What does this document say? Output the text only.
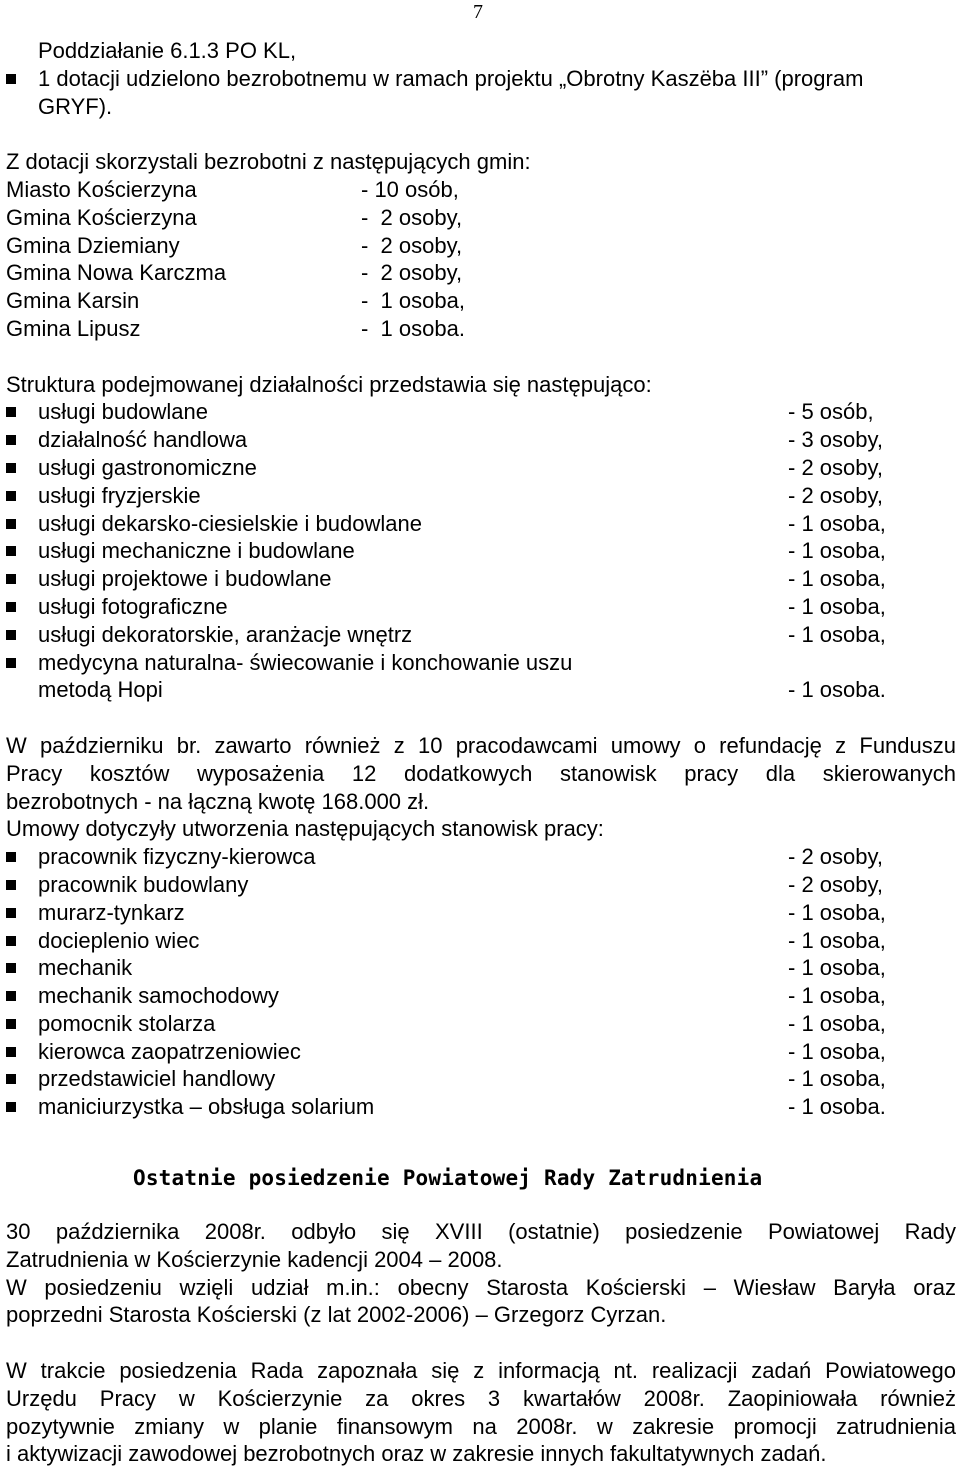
7
Poddziałanie 6.1.3 PO KL,
1 dotacji udzielono bezrobotnemu w ramach projektu „Obrotny Kaszëba III” (program
GRYF).
Z dotacji skorzystali bezrobotni z następujących gmin:
Miasto Kościerzyna	- 10 osób,
Gmina Kościerzyna	-  2 osoby,
Gmina Dziemiany	-  2 osoby,
Gmina Nowa Karczma	-  2 osoby,
Gmina Karsin	-  1 osoba,
Gmina Lipusz	-  1 osoba.
Struktura podejmowanej działalności przedstawia się następująco:
usługi budowlane	- 5 osób,
działalność handlowa	- 3 osoby,
usługi gastronomiczne	- 2 osoby,
usługi fryzjerskie	- 2 osoby,
usługi dekarsko-ciesielskie i budowlane	- 1 osoba,
usługi mechaniczne i budowlane	- 1 osoba,
usługi projektowe i budowlane	- 1 osoba,
usługi fotograficzne	- 1 osoba,
usługi dekoratorskie, aranżacje wnętrz	- 1 osoba,
medycyna naturalna- świecowanie i konchowanie uszu
metodą Hopi	- 1 osoba.
W październiku br. zawarto również z 10 pracodawcami umowy o refundację z Funduszu
Pracy kosztów wyposażenia 12 dodatkowych stanowisk pracy dla skierowanych
bezrobotnych - na łączną kwotę 168.000 zł.
Umowy dotyczyły utworzenia następujących stanowisk pracy:
pracownik fizyczny-kierowca	- 2 osoby,
pracownik budowlany	- 2 osoby,
murarz-tynkarz	- 1 osoba,
docieplenio wiec	- 1 osoba,
mechanik	- 1 osoba,
mechanik samochodowy	- 1 osoba,
pomocnik stolarza	- 1 osoba,
kierowca zaopatrzeniowiec	- 1 osoba,
przedstawiciel handlowy	- 1 osoba,
maniciurzystka – obsługa solarium	- 1 osoba.
Ostatnie posiedzenie Powiatowej Rady Zatrudnienia
30 października 2008r. odbyło się XVIII (ostatnie) posiedzenie Powiatowej Rady
Zatrudnienia w Kościerzynie kadencji 2004 – 2008.
W posiedzeniu wzięli udział m.in.: obecny Starosta Kościerski – Wiesław Baryła oraz
poprzedni Starosta Kościerski (z lat 2002-2006) – Grzegorz Cyrzan.
W trakcie posiedzenia Rada zapoznała się z informacją nt. realizacji zadań Powiatowego
Urzędu Pracy w Kościerzynie za okres 3 kwartałów 2008r. Zaopiniowała również
pozytywnie zmiany w planie finansowym na 2008r. w zakresie promocji zatrudnienia
i aktywizacji zawodowej bezrobotnych oraz w zakresie innych fakultatywnych zadań.
